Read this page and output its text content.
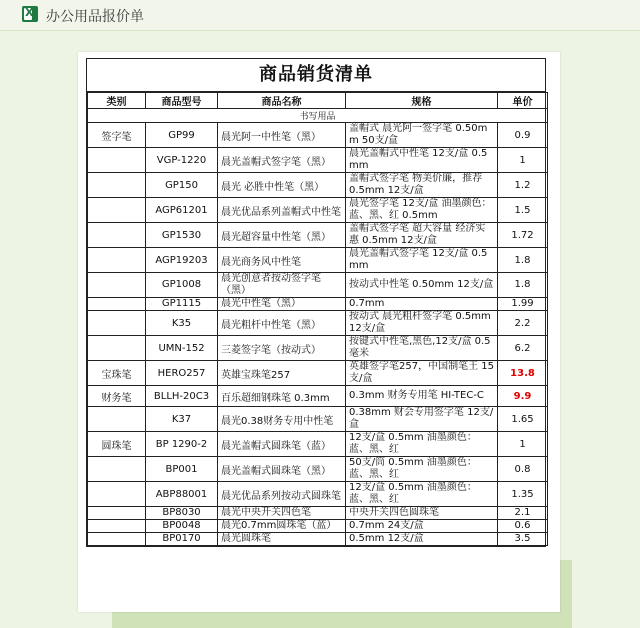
X
办公用品报价单
商品销货清单
类别	商品型号	商品名称	规格	单价
书写用品				
签字笔	GP99	晨光阿一中性笔（黑）	盖帽式 晨光阿一签字笔 0.50mm 50支/盒	0.9
	VGP-1220	晨光盖帽式签字笔（黑）	晨光盖帽式中性笔 12支/盒 0.5mm	1
	GP150	晨光 必胜中性笔（黑）	盖帽式签字笔 物美价廉，推荐 0.5mm 12支/盒	1.2
	AGP61201	晨光优品系列盖帽式中性笔	晨光签字笔 12支/盒 油墨颜色：蓝、黑、红 0.5mm	1.5
	GP1530	晨光超容量中性笔（黑）	盖帽式签字笔 超大容量 经济实惠 0.5mm 12支/盒	1.72
	AGP19203	晨光商务风中性笔	晨光盖帽式签字笔 12支/盒 0.5mm	1.8
	GP1008	晨光创意者按动签字笔（黑）	按动式中性笔 0.50mm 12支/盒	1.8
	GP1115	晨光中性笔（黑）	0.7mm	1.99
	K35	晨光粗杆中性笔（黑）	按动式 晨光粗杆签字笔 0.5mm 12支/盒	2.2
	UMN-152	三菱签字笔（按动式）	按键式中性笔,黑色,12支/盒 0.5毫米	6.2
宝珠笔	HERO257	英雄宝珠笔257	英雄签字笔257，中国制笔王 15支/盒	13.8
财务笔	BLLH-20C3	百乐超细钢珠笔 0.3mm	0.3mm 财务专用笔 HI-TEC-C	9.9
	K37	晨光0.38财务专用中性笔	0.38mm 财会专用签字笔 12支/盒	1.65
圆珠笔	BP 1290-2	晨光盖帽式圆珠笔（蓝）	12支/盒 0.5mm 油墨颜色：蓝、黑、红	1
	BP001	晨光盖帽式圆珠笔（黑）	50支/筒 0.5mm 油墨颜色：蓝、黑、红	0.8
	ABP88001	晨光优品系列按动式圆珠笔	12支/盒 0.5mm 油墨颜色：蓝、黑、红	1.35
	BP8030	晨光中央开关四色笔	中央开关四色圆珠笔	2.1
	BP0048	晨光0.7mm圆珠笔（蓝）	0.7mm 24支/盒	0.6
	BP0170	晨光圆珠笔	0.5mm 12支/盒	3.5
